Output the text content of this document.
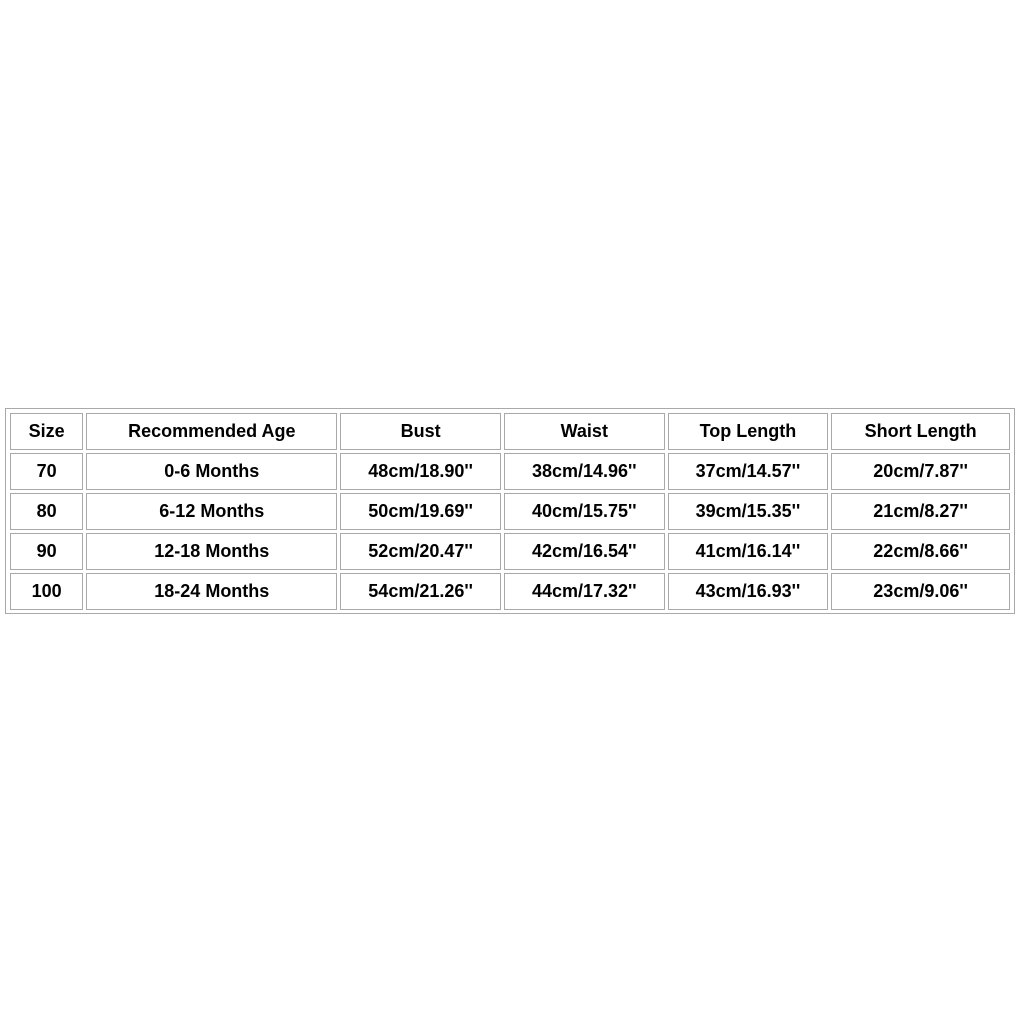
Size	Recommended Age	Bust	Waist	Top Length	Short Length
70	0-6 Months	48cm/18.90''	38cm/14.96''	37cm/14.57''	20cm/7.87''
80	6-12 Months	50cm/19.69''	40cm/15.75''	39cm/15.35''	21cm/8.27''
90	12-18 Months	52cm/20.47''	42cm/16.54''	41cm/16.14''	22cm/8.66''
100	18-24 Months	54cm/21.26''	44cm/17.32''	43cm/16.93''	23cm/9.06''
